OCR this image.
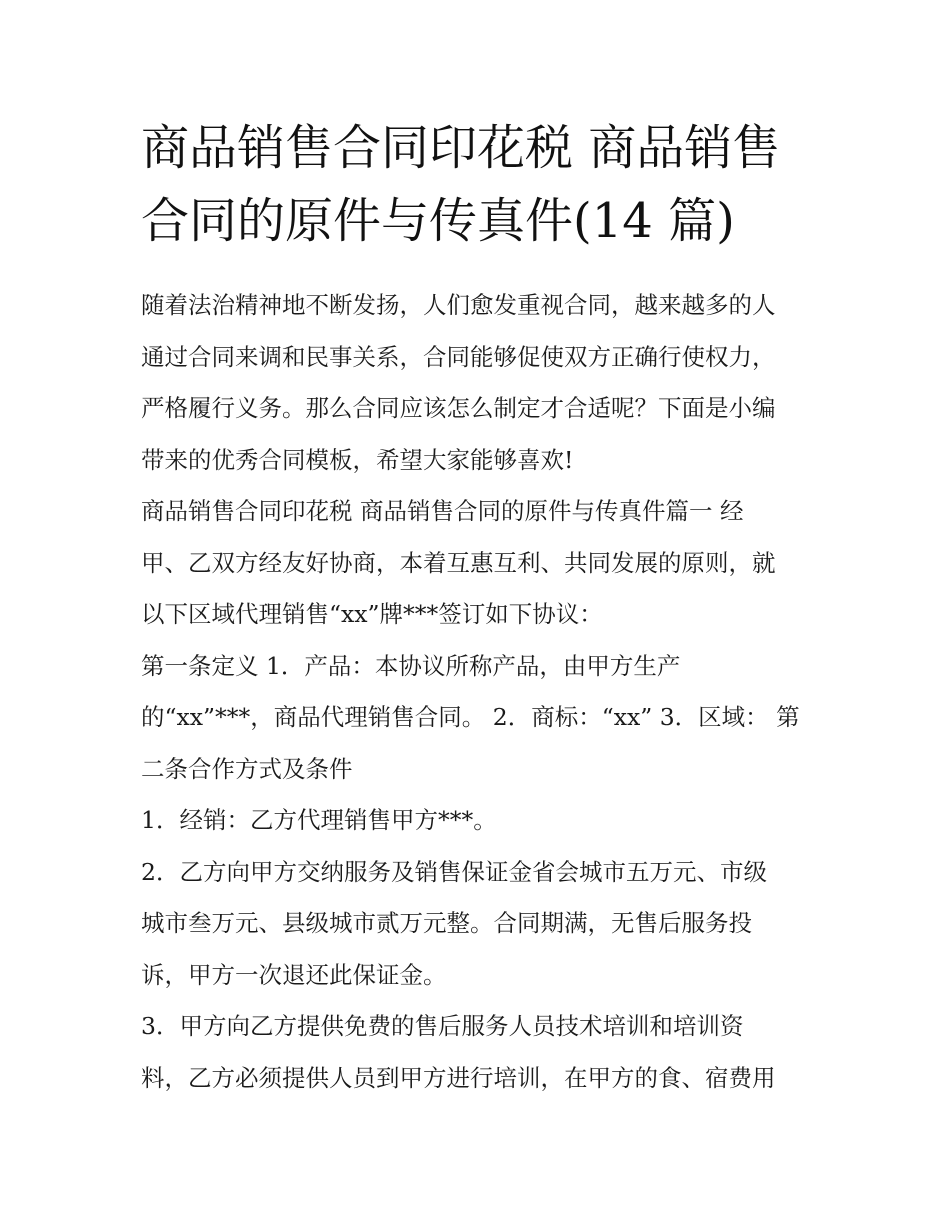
商品销售合同印花税 商品销售
合同的原件与传真件(14 篇)

随着法治精神地不断发扬，人们愈发重视合同，越来越多的人
通过合同来调和民事关系，合同能够促使双方正确行使权力，
严格履行义务。那么合同应该怎么制定才合适呢？下面是小编
带来的优秀合同模板，希望大家能够喜欢!

商品销售合同印花税 商品销售合同的原件与传真件篇一 经
甲、乙双方经友好协商，本着互惠互利、共同发展的原则，就
以下区域代理销售“xx”牌***签订如下协议：

第一条定义 1．产品：本协议所称产品，由甲方生产
的“xx”***，商品代理销售合同。 2．商标：“xx” 3．区域： 第
二条合作方式及条件

1．经销：乙方代理销售甲方***。

2．乙方向甲方交纳服务及销售保证金省会城市五万元、市级
城市叁万元、县级城市贰万元整。合同期满，无售后服务投
诉，甲方一次退还此保证金。

3．甲方向乙方提供免费的售后服务人员技术培训和培训资
料，乙方必须提供人员到甲方进行培训，在甲方的食、宿费用
